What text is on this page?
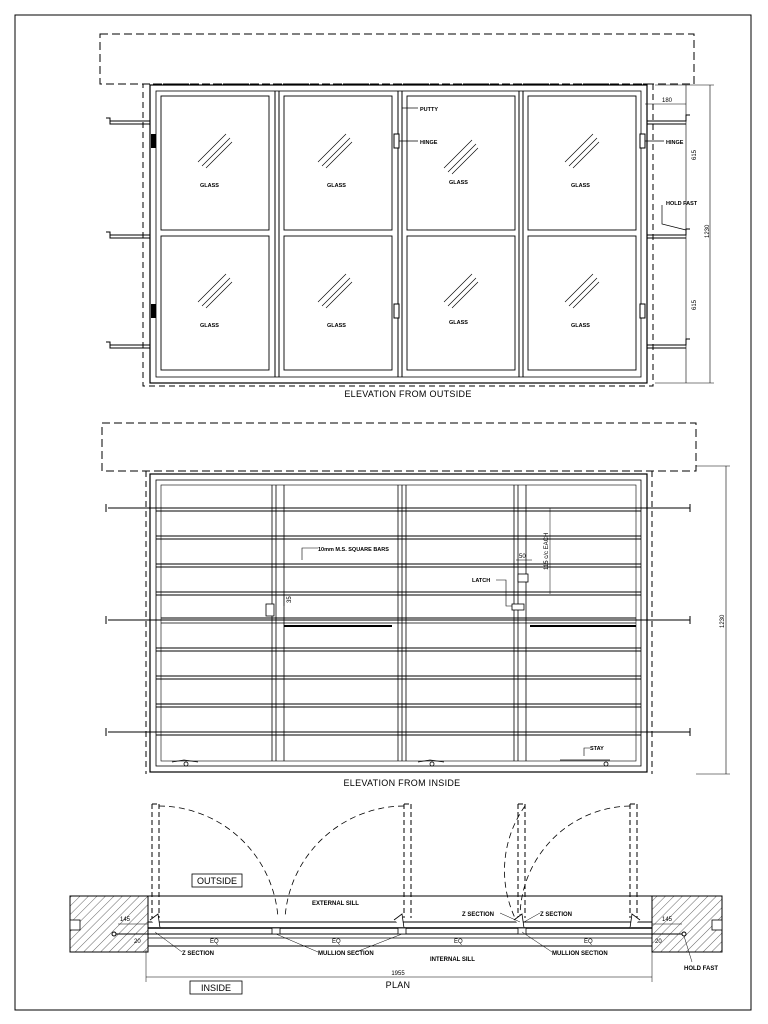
GLASS	GLASS	GLASS	GLASS
GLASS	GLASS	GLASS	GLASS
PUTTY
HINGE	HINGE
HOLD FAST
180
615
615
1230
ELEVATION FROM OUTSIDE
10mm M.S. SQUARE BARS
LATCH
50	115 c/c EACH
35
STAY
1230
ELEVATION FROM INSIDE
EQ	EQ	EQ	EQ
OUTSIDE
INSIDE
EXTERNAL SILL
INTERNAL SILL
Z SECTION
Z SECTION	Z SECTION
MULLION SECTION	MULLION SECTION
HOLD FAST
145	145
20	20
1955
PLAN
